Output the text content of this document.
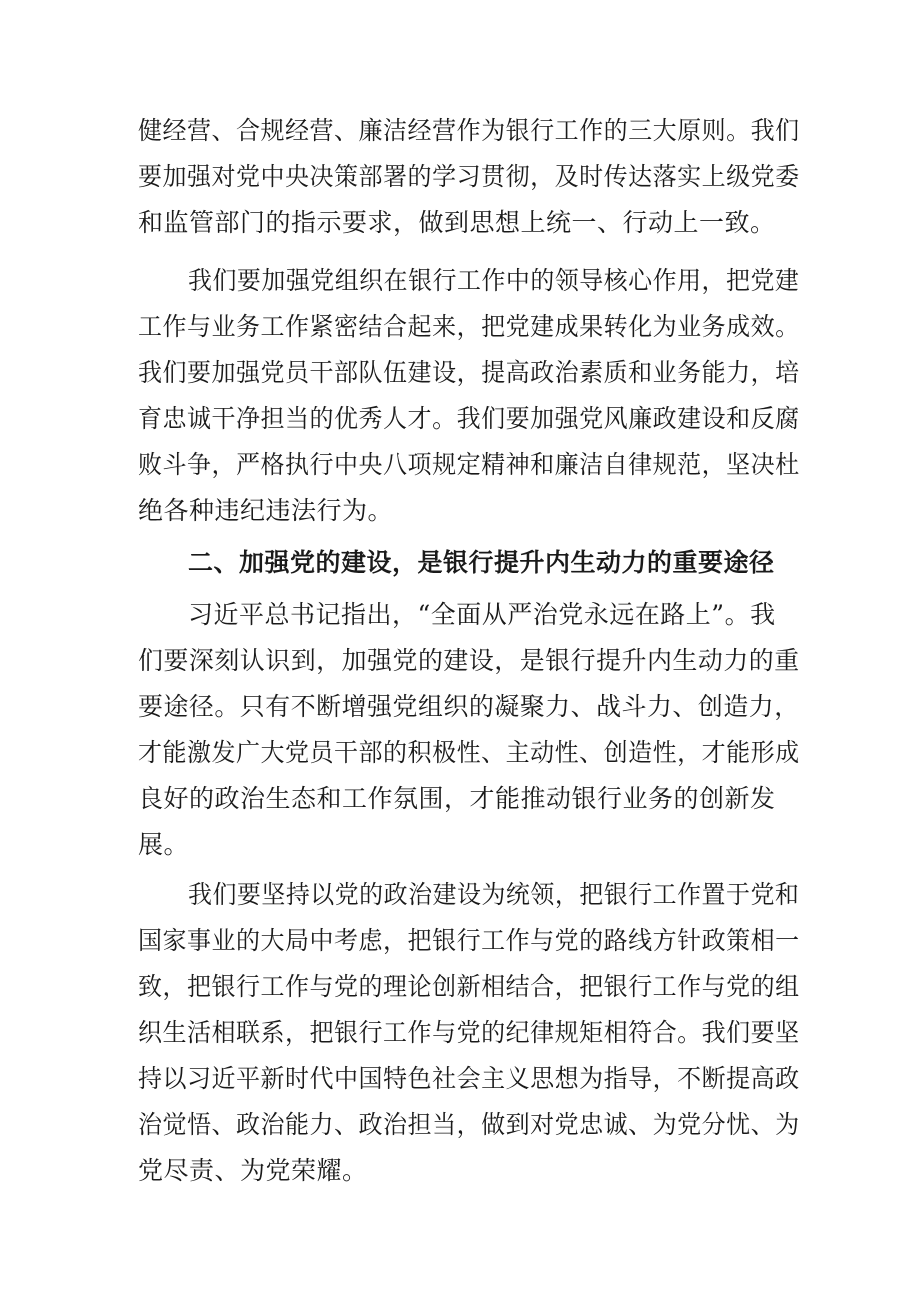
健经营、合规经营、廉洁经营作为银行工作的三大原则。我们
要加强对党中央决策部署的学习贯彻，及时传达落实上级党委
和监管部门的指示要求，做到思想上统一、行动上一致。
我们要加强党组织在银行工作中的领导核心作用，把党建
工作与业务工作紧密结合起来，把党建成果转化为业务成效。
我们要加强党员干部队伍建设，提高政治素质和业务能力，培
育忠诚干净担当的优秀人才。我们要加强党风廉政建设和反腐
败斗争，严格执行中央八项规定精神和廉洁自律规范，坚决杜
绝各种违纪违法行为。
二、加强党的建设，是银行提升内生动力的重要途径
习近平总书记指出，“全面从严治党永远在路上”。我
们要深刻认识到，加强党的建设，是银行提升内生动力的重
要途径。只有不断增强党组织的凝聚力、战斗力、创造力，
才能激发广大党员干部的积极性、主动性、创造性，才能形成
良好的政治生态和工作氛围，才能推动银行业务的创新发
展。
我们要坚持以党的政治建设为统领，把银行工作置于党和
国家事业的大局中考虑，把银行工作与党的路线方针政策相一
致，把银行工作与党的理论创新相结合，把银行工作与党的组
织生活相联系，把银行工作与党的纪律规矩相符合。我们要坚
持以习近平新时代中国特色社会主义思想为指导，不断提高政
治觉悟、政治能力、政治担当，做到对党忠诚、为党分忧、为
党尽责、为党荣耀。
